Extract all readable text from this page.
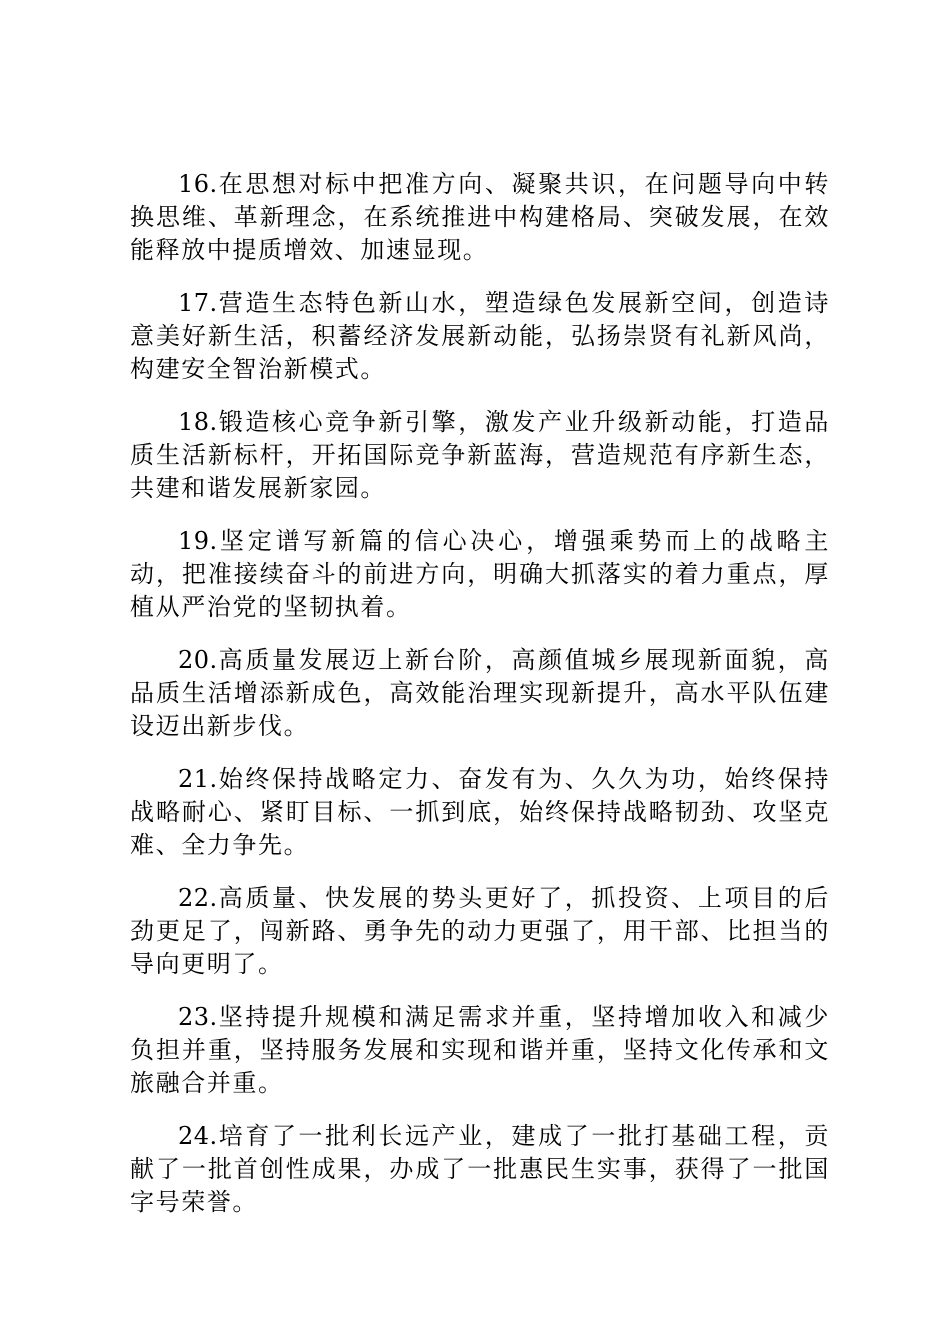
16.在思想对标中把准方向、凝聚共识，在问题导向中转换思维、革新理念，在系统推进中构建格局、突破发展，在效能释放中提质增效、加速显现。

17.营造生态特色新山水，塑造绿色发展新空间，创造诗意美好新生活，积蓄经济发展新动能，弘扬崇贤有礼新风尚，构建安全智治新模式。

18.锻造核心竞争新引擎，激发产业升级新动能，打造品质生活新标杆，开拓国际竞争新蓝海，营造规范有序新生态，共建和谐发展新家园。

19.坚定谱写新篇的信心决心，增强乘势而上的战略主动，把准接续奋斗的前进方向，明确大抓落实的着力重点，厚植从严治党的坚韧执着。

20.高质量发展迈上新台阶，高颜值城乡展现新面貌，高品质生活增添新成色，高效能治理实现新提升，高水平队伍建设迈出新步伐。

21.始终保持战略定力、奋发有为、久久为功，始终保持战略耐心、紧盯目标、一抓到底，始终保持战略韧劲、攻坚克难、全力争先。

22.高质量、快发展的势头更好了，抓投资、上项目的后劲更足了，闯新路、勇争先的动力更强了，用干部、比担当的导向更明了。

23.坚持提升规模和满足需求并重，坚持增加收入和减少负担并重，坚持服务发展和实现和谐并重，坚持文化传承和文旅融合并重。

24.培育了一批利长远产业，建成了一批打基础工程，贡献了一批首创性成果，办成了一批惠民生实事，获得了一批国字号荣誉。
